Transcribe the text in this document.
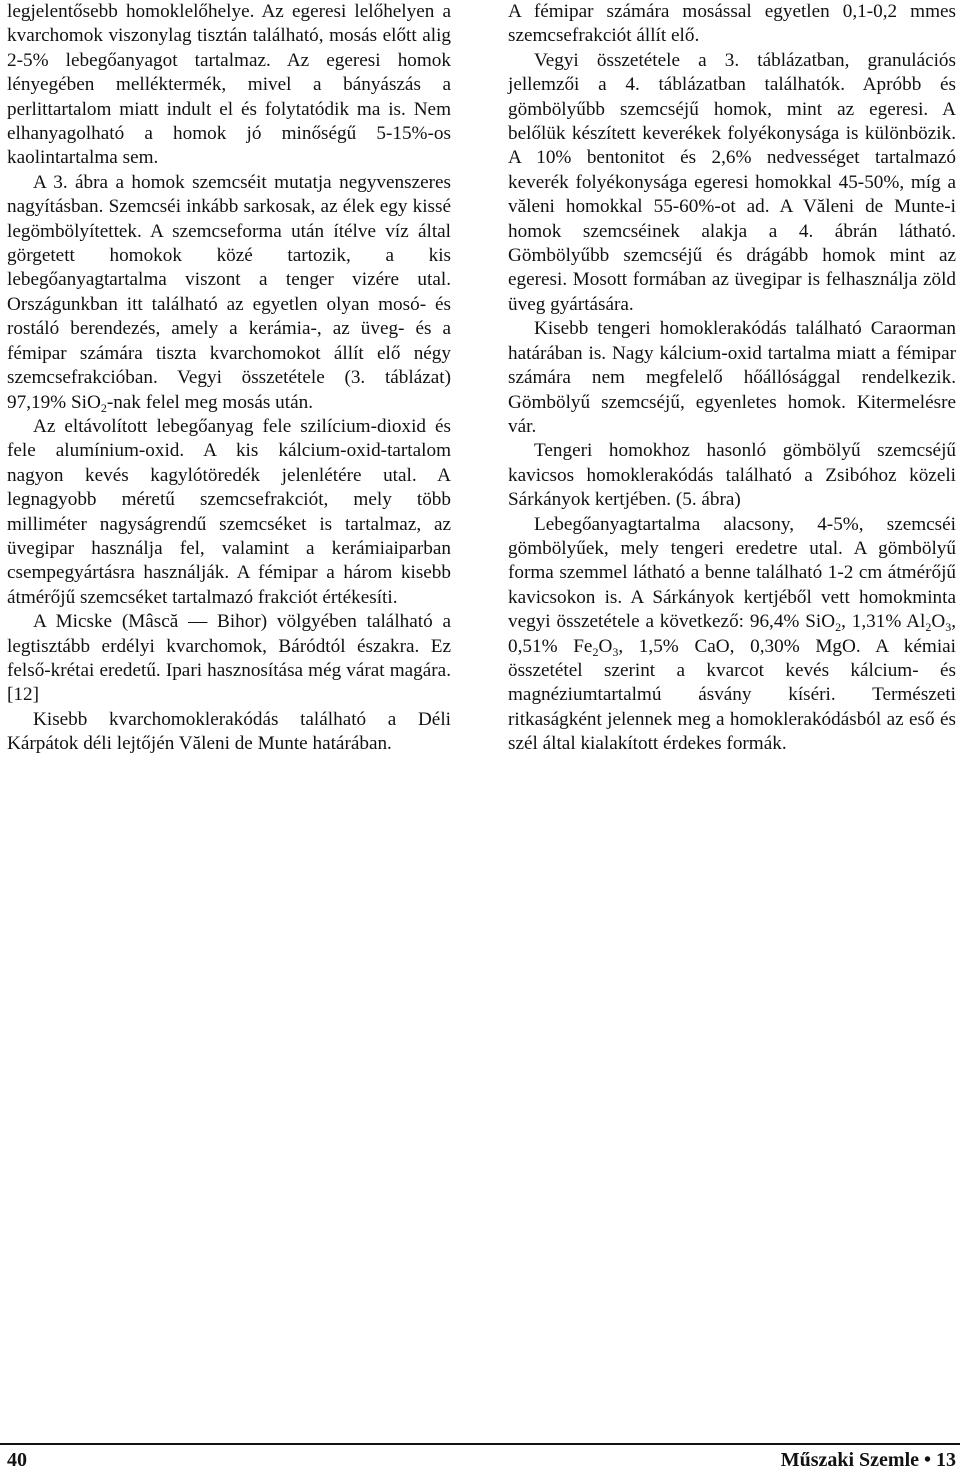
legjelentősebb homoklelőhelye. Az egeresi lelőhelyen a kvarchomok viszonylag tisztán található, mosás előtt alig 2-5% lebegőanyagot tartalmaz. Az egeresi homok lényegében melléktermék, mivel a bányászás a perlittartalom miatt indult el és folytatódik ma is. Nem elhanyagolható a homok jó minőségű 5-15%-os kaolintartalma sem.

A 3. ábra a homok szemcséit mutatja negyvenszeres nagyításban. Szemcséi inkább sarkosak, az élek egy kissé legömbölyítettek. A szemcseforma után ítélve víz által görgetett homokok közé tartozik, a kis lebegőanyagtartalma viszont a tenger vizére utal. Országunkban itt található az egyetlen olyan mosó- és rostáló berendezés, amely a kerámia-, az üveg- és a fémipar számára tiszta kvarchomokot állít elő négy szemcsefrakcióban. Vegyi összetétele (3. táblázat) 97,19% SiO$_2$-nak felel meg mosás után.

Az eltávolított lebegőanyag fele szilícium-dioxid és fele alumínium-oxid. A kis kálcium-oxid-tartalom nagyon kevés kagylótöredék jelenlétére utal. A legnagyobb méretű szemcsefrakciót, mely több milliméter nagyságrendű szemcséket is tartalmaz, az üvegipar használja fel, valamint a kerámiaiparban csempegyártásra használják. A fémipar a három kisebb átmérőjű szemcséket tartalmazó frakciót értékesíti.

A Micske (Mâscă — Bihor) völgyében található a legtisztább erdélyi kvarchomok, Báródtól északra. Ez felső-krétai eredetű. Ipari hasznosítása még várat magára. [12]

Kisebb kvarchomoklerakódás található a Déli Kárpátok déli lejtőjén Văleni de Munte határában.

A fémipar számára mosással egyetlen 0,1-0,2 mmes szemcsefrakciót állít elő.

Vegyi összetétele a 3. táblázatban, granulációs jellemzői a 4. táblázatban találhatók. Apróbb és gömbölyűbb szemcséjű homok, mint az egeresi. A belőlük készített keverékek folyékonysága is különbözik. A 10% bentonitot és 2,6% nedvességet tartalmazó keverék folyékonysága egeresi homokkal 45-50%, míg a văleni homokkal 55-60%-ot ad. A Văleni de Munte-i homok szemcséinek alakja a 4. ábrán látható. Gömbölyűbb szemcséjű és drágább homok mint az egeresi. Mosott formában az üvegipar is felhasználja zöld üveg gyártására.

Kisebb tengeri homoklerakódás található Caraorman határában is. Nagy kálcium-oxid tartalma miatt a fémipar számára nem megfelelő hőállósággal rendelkezik. Gömbölyű szemcséjű, egyenletes homok. Kitermelésre vár.

Tengeri homokhoz hasonló gömbölyű szemcséjű kavicsos homoklerakódás található a Zsibóhoz közeli Sárkányok kertjében. (5. ábra)

Lebegőanyagtartalma alacsony, 4-5%, szemcséi gömbölyűek, mely tengeri eredetre utal. A gömbölyű forma szemmel látható a benne található 1-2 cm átmérőjű kavicsokon is. A Sárkányok kertjéből vett homokminta vegyi összetétele a következő: 96,4% SiO$_2$, 1,31% $Al_2O_3$, 0,51% $Fe_2O_3$, 1,5% CaO, 0,30% MgO. A kémiai összetétel szerint a kvarcot kevés kálcium- és magnéziumtartalmú ásvány kíséri. Természeti ritkaságként jelennek meg a homoklerakódásból az eső és szél által kialakított érdekes formák.

40	Műszaki Szemle • 13
